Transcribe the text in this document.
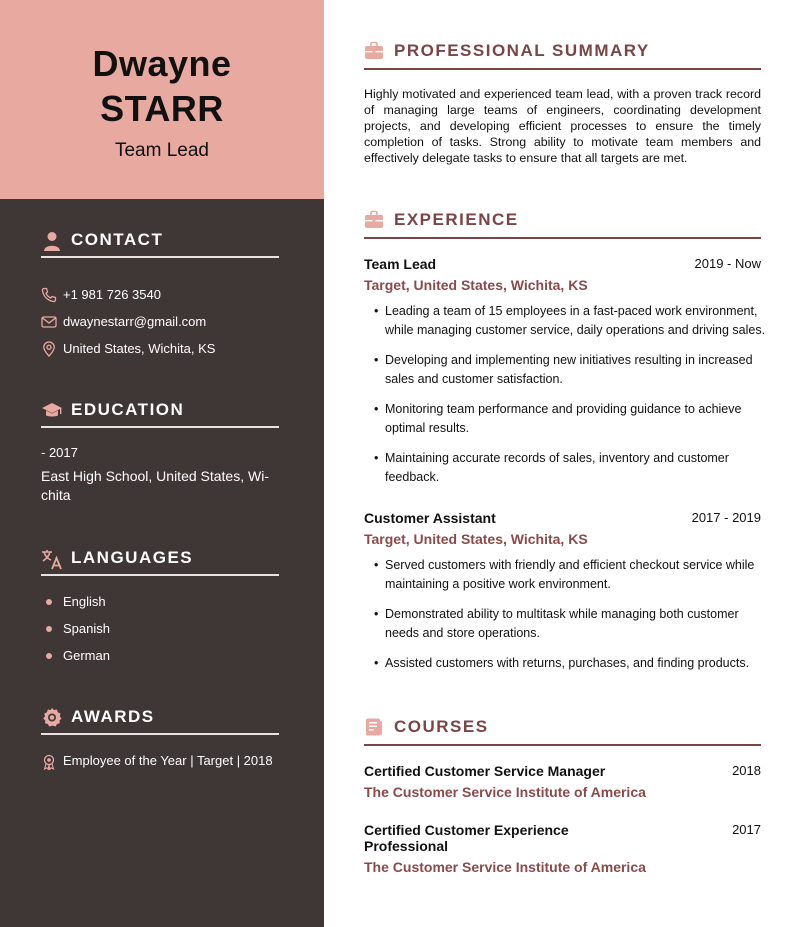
Dwayne
STARR
Team Lead
CONTACT
+1 981 726 3540
dwaynestarr@gmail.com
United States, Wichita, KS
EDUCATION
- 2017
East High School, United States, Wi-chita
LANGUAGES
English
Spanish
German
AWARDS
Employee of the Year | Target | 2018
PROFESSIONAL SUMMARY
Highly motivated and experienced team lead, with a proven track record of managing large teams of engineers, coordinating development projects, and developing efficient processes to ensure the timely completion of tasks. Strong ability to motivate team members and effectively delegate tasks to ensure that all targets are met.
EXPERIENCE
Team Lead	2019 - Now
Target, United States, Wichita, KS
• Leading a team of 15 employees in a fast-paced work environment, while managing customer service, daily operations and driving sales.
• Developing and implementing new initiatives resulting in increased sales and customer satisfaction.
• Monitoring team performance and providing guidance to achieve optimal results.
• Maintaining accurate records of sales, inventory and customer feedback.
Customer Assistant	2017 - 2019
Target, United States, Wichita, KS
• Served customers with friendly and efficient checkout service while maintaining a positive work environment.
• Demonstrated ability to multitask while managing both customer needs and store operations.
• Assisted customers with returns, purchases, and finding products.
COURSES
Certified Customer Service Manager	2018
The Customer Service Institute of America
Certified Customer Experience Professional
2017
The Customer Service Institute of America
